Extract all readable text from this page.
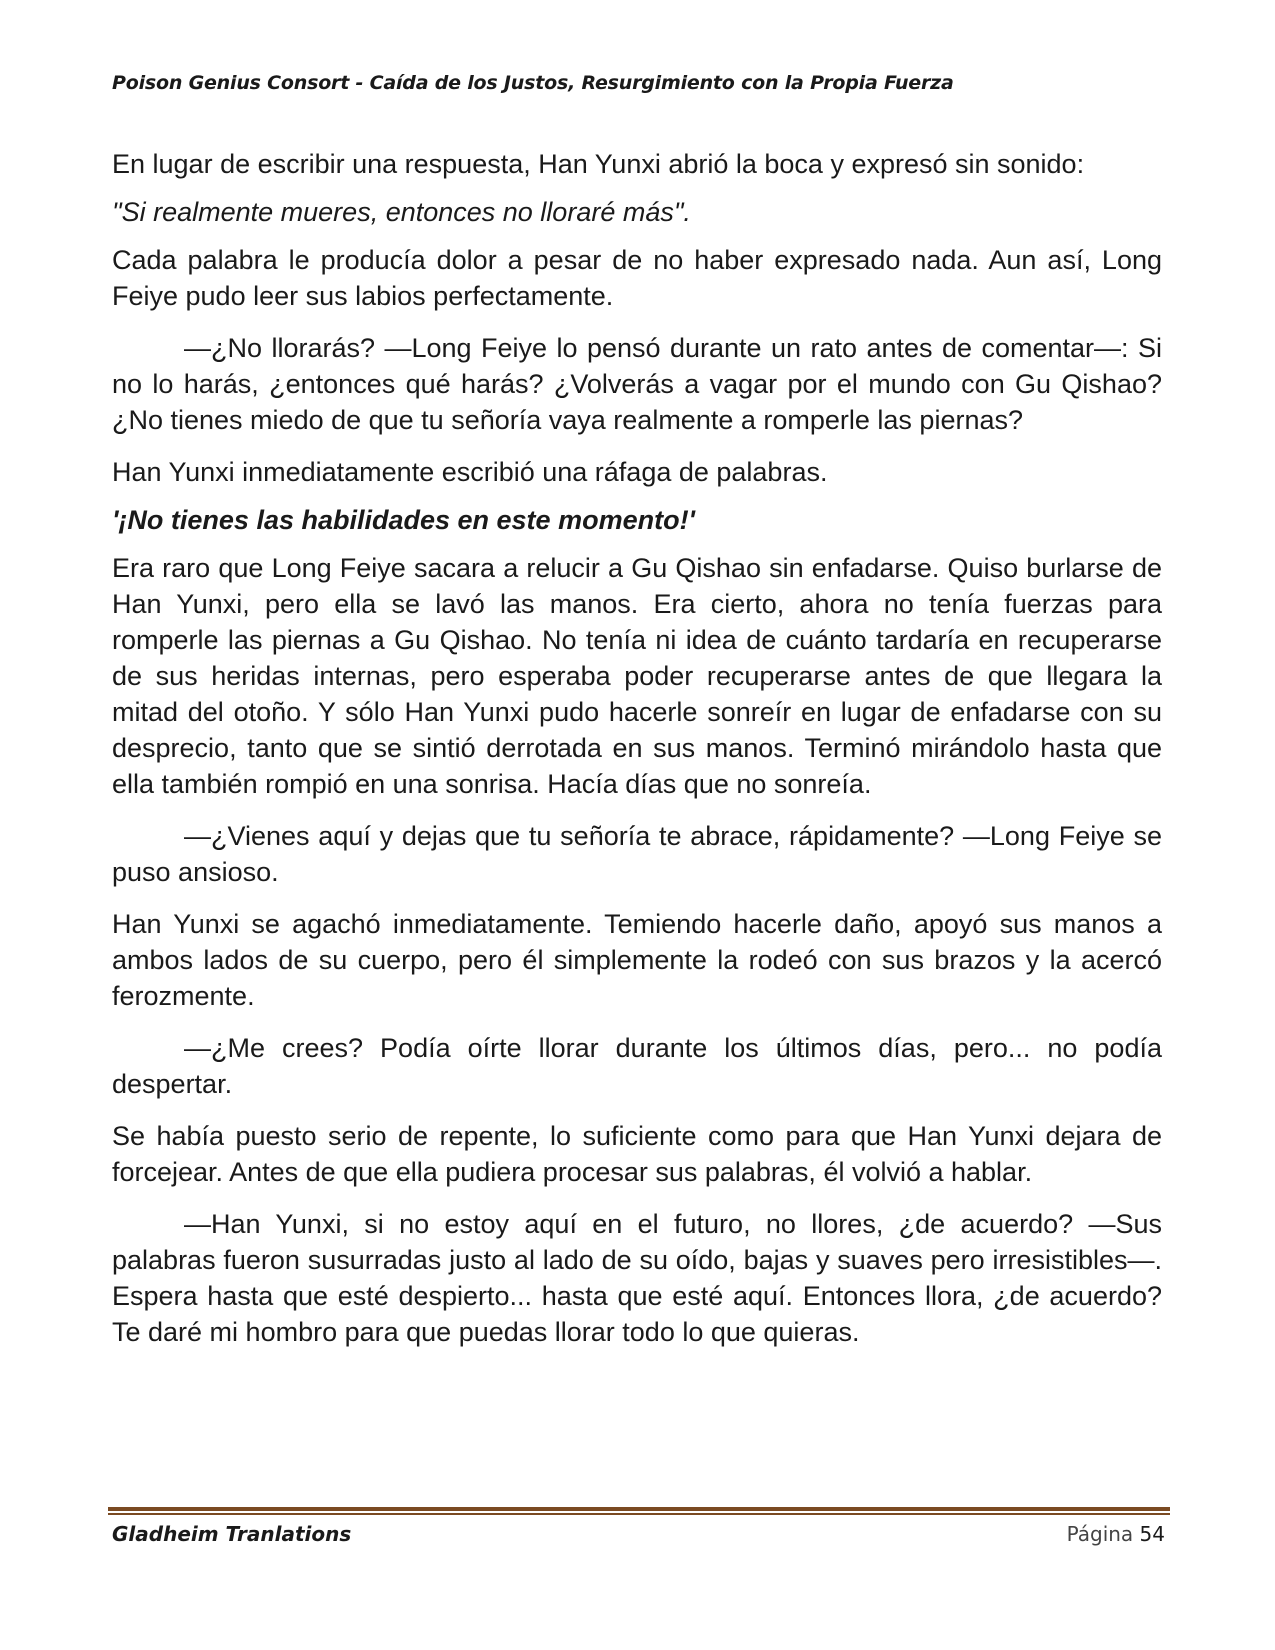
Poison Genius Consort - Caída de los Justos, Resurgimiento con la Propia Fuerza

En lugar de escribir una respuesta, Han Yunxi abrió la boca y expresó sin sonido:

"Si realmente mueres, entonces no lloraré más".

Cada palabra le producía dolor a pesar de no haber expresado nada. Aun así, Long Feiye pudo leer sus labios perfectamente.

—¿No llorarás? —Long Feiye lo pensó durante un rato antes de comentar—: Si no lo harás, ¿entonces qué harás? ¿Volverás a vagar por el mundo con Gu Qishao? ¿No tienes miedo de que tu señoría vaya realmente a romperle las piernas?

Han Yunxi inmediatamente escribió una ráfaga de palabras.

'¡No tienes las habilidades en este momento!'

Era raro que Long Feiye sacara a relucir a Gu Qishao sin enfadarse. Quiso burlarse de Han Yunxi, pero ella se lavó las manos. Era cierto, ahora no tenía fuerzas para romperle las piernas a Gu Qishao. No tenía ni idea de cuánto tardaría en recuperarse de sus heridas internas, pero esperaba poder recuperarse antes de que llegara la mitad del otoño. Y sólo Han Yunxi pudo hacerle sonreír en lugar de enfadarse con su desprecio, tanto que se sintió derrotada en sus manos. Terminó mirándolo hasta que ella también rompió en una sonrisa. Hacía días que no sonreía.

—¿Vienes aquí y dejas que tu señoría te abrace, rápidamente? —Long Feiye se puso ansioso.

Han Yunxi se agachó inmediatamente. Temiendo hacerle daño, apoyó sus manos a ambos lados de su cuerpo, pero él simplemente la rodeó con sus brazos y la acercó ferozmente.

—¿Me crees? Podía oírte llorar durante los últimos días, pero... no podía despertar.

Se había puesto serio de repente, lo suficiente como para que Han Yunxi dejara de forcejear. Antes de que ella pudiera procesar sus palabras, él volvió a hablar.

—Han Yunxi, si no estoy aquí en el futuro, no llores, ¿de acuerdo? —Sus palabras fueron susurradas justo al lado de su oído, bajas y suaves pero irresistibles—. Espera hasta que esté despierto... hasta que esté aquí. Entonces llora, ¿de acuerdo? Te daré mi hombro para que puedas llorar todo lo que quieras.

Gladheim Tranlations	Página 54
